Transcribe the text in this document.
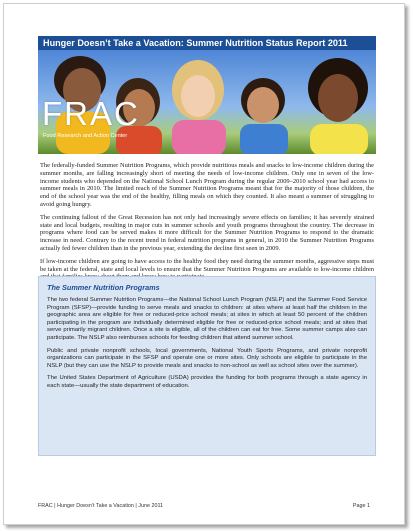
Hunger Doesn’t Take a Vacation: Summer Nutrition Status Report 2011
FRAC
Food Research and Action Center

The federally-funded Summer Nutrition Programs, which provide nutritious meals and snacks to low-income children during the summer months, are falling increasingly short of meeting the needs of low-income children. Only one in seven of the low-income students who depended on the National School Lunch Program during the regular 2009–2010 school year had access to summer meals in 2010. The limited reach of the Summer Nutrition Programs meant that for the majority of those children, the end of the school year was the end of the healthy, filling meals on which they counted. It also meant a summer of struggling to avoid going hungry.

The continuing fallout of the Great Recession has not only had increasingly severe effects on families; it has severely strained state and local budgets, resulting in major cuts in summer schools and youth programs throughout the country. The decrease in programs where food can be served makes it more difficult for the Summer Nutrition Programs to respond to the dramatic increase in need. Contrary to the recent trend in federal nutrition programs in general, in 2010 the Summer Nutrition Programs actually fed fewer children than in the previous year, extending the decline first seen in 2009.

If low-income children are going to have access to the healthy food they need during the summer months, aggressive steps must be taken at the federal, state and local levels to ensure that the Summer Nutrition Programs are available to low-income children

The Summer Nutrition Programs

The two federal Summer Nutrition Programs—the National School Lunch Program (NSLP) and the Summer Food Service Program (SFSP)—provide funding to serve meals and snacks to children: at sites where at least half the children in the geographic area are eligible for free or reduced-price school meals; at sites in which at least 50 percent of the children participating in the program are individually determined eligible for free or reduced-price school meals; and at sites that serve primarily migrant children. Once a site is eligible, all of the children can eat for free. Some summer camps also can participate. The NSLP also reimburses schools for feeding children that attend summer school.

Public and private nonprofit schools, local governments, National Youth Sports Programs, and private nonprofit organizations can participate in the SFSP and operate one or more sites. Only schools are eligible to participate in the NSLP (but they can use the NSLP to provide meals and snacks to non-school as well as school sites over the summer).

The United States Department of Agriculture (USDA) provides the funding for both programs through a state agency in each state—usually the state department of education.

FRAC | Hunger Doesn’t Take a Vacation | June 2011	Page 1
